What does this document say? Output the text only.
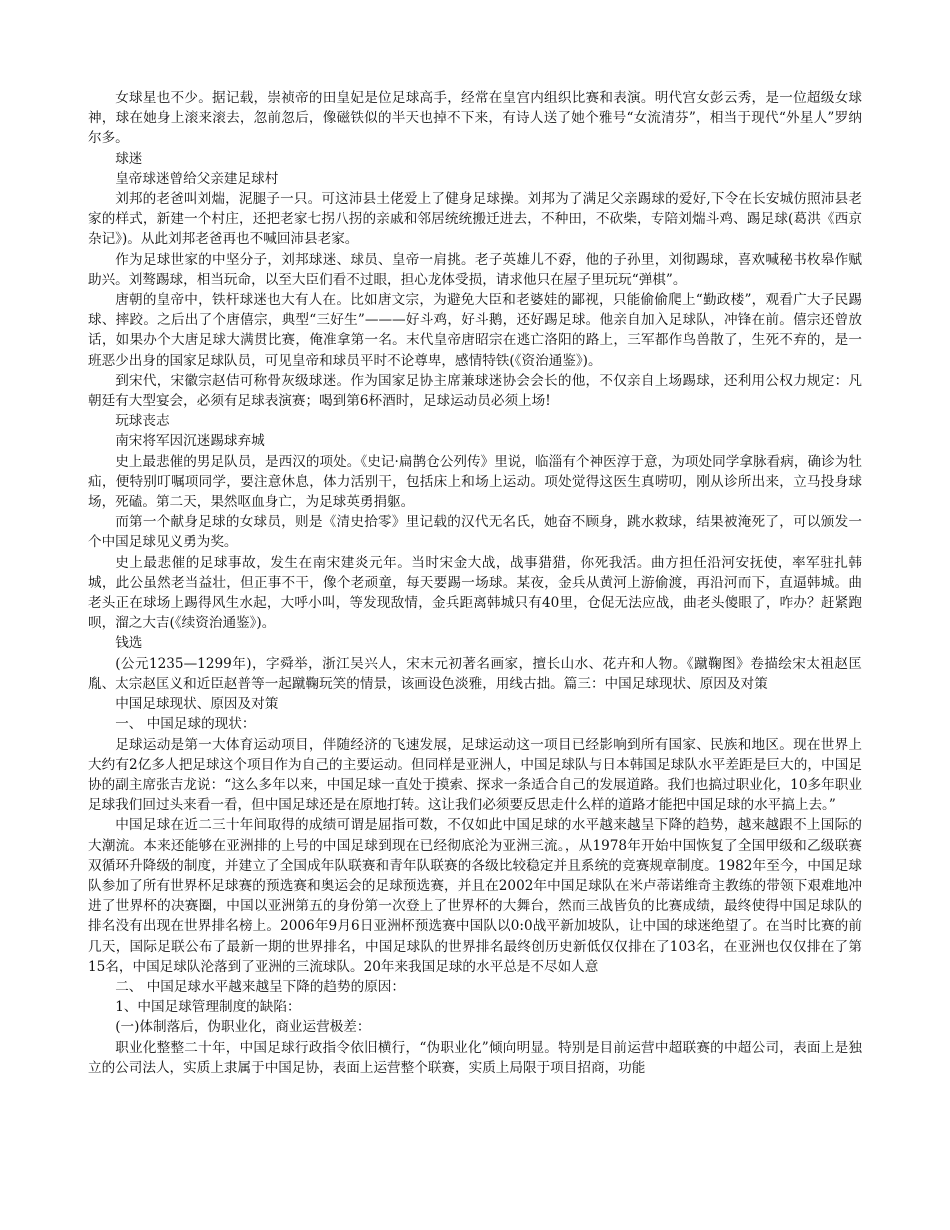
女球星也不少。据记载，崇祯帝的田皇妃是位足球高手，经常在皇宫内组织比赛和表演。明代宫女彭云秀，是一位超级女球神，球在她身上滚来滚去，忽前忽后，像磁铁似的半天也掉不下来，有诗人送了她个雅号“女流清芬”，相当于现代“外星人”罗纳尔多。

球迷

皇帝球迷曾给父亲建足球村

刘邦的老爸叫刘煓，泥腿子一只。可这沛县土佬爱上了健身足球操。刘邦为了满足父亲踢球的爱好,下令在长安城仿照沛县老家的样式，新建一个村庄，还把老家七拐八拐的亲戚和邻居统统搬迁进去，不种田，不砍柴，专陪刘煓斗鸡、踢足球(葛洪《西京杂记》)。从此刘邦老爸再也不喊回沛县老家。

作为足球世家的中坚分子，刘邦球迷、球员、皇帝一肩挑。老子英雄儿不孬，他的子孙里，刘彻踢球，喜欢喊秘书枚皋作赋助兴。刘骜踢球，相当玩命，以至大臣们看不过眼，担心龙体受损，请求他只在屋子里玩玩“弹棋”。

唐朝的皇帝中，铁杆球迷也大有人在。比如唐文宗，为避免大臣和老婆娃的鄙视，只能偷偷爬上“勤政楼”，观看广大子民踢球、摔跤。之后出了个唐僖宗，典型“三好生”———好斗鸡，好斗鹅，还好踢足球。他亲自加入足球队，冲锋在前。僖宗还曾放话，如果办个大唐足球大满贯比赛，俺准拿第一名。末代皇帝唐昭宗在逃亡洛阳的路上，三军都作鸟兽散了，生死不弃的，是一班恶少出身的国家足球队员，可见皇帝和球员平时不论尊卑，感情特铁(《资治通鉴》)。

到宋代，宋徽宗赵佶可称骨灰级球迷。作为国家足协主席兼球迷协会会长的他，不仅亲自上场踢球，还利用公权力规定：凡朝廷有大型宴会，必须有足球表演赛；喝到第6杯酒时，足球运动员必须上场!

玩球丧志

南宋将军因沉迷踢球弃城

史上最悲催的男足队员，是西汉的项处。《史记·扁鹊仓公列传》里说，临淄有个神医淳于意，为项处同学拿脉看病，确诊为牡疝，便特别叮嘱项同学，要注意休息，体力活别干，包括床上和场上运动。项处觉得这医生真唠叨，刚从诊所出来，立马投身球场，死磕。第二天，果然呕血身亡，为足球英勇捐躯。

而第一个献身足球的女球员，则是《清史拾零》里记载的汉代无名氏，她奋不顾身，跳水救球，结果被淹死了，可以颁发一个中国足球见义勇为奖。

史上最悲催的足球事故，发生在南宋建炎元年。当时宋金大战，战事猎猎，你死我活。曲方担任沿河安抚使，率军驻扎韩城，此公虽然老当益壮，但正事不干，像个老顽童，每天要踢一场球。某夜，金兵从黄河上游偷渡，再沿河而下，直逼韩城。曲老头正在球场上踢得风生水起，大呼小叫，等发现敌情，金兵距离韩城只有40里，仓促无法应战，曲老头傻眼了，咋办？赶紧跑呗，溜之大吉(《续资治通鉴》)。

钱选

(公元1235—1299年)，字舜举，浙江吴兴人，宋末元初著名画家，擅长山水、花卉和人物。《蹴鞠图》卷描绘宋太祖赵匡胤、太宗赵匡义和近臣赵普等一起蹴鞠玩笑的情景，该画设色淡雅，用线古拙。篇三：中国足球现状、原因及对策

中国足球现状、原因及对策

一、 中国足球的现状：

足球运动是第一大体育运动项目，伴随经济的飞速发展，足球运动这一项目已经影响到所有国家、民族和地区。现在世界上大约有2亿多人把足球这个项目作为自己的主要运动。但同样是亚洲人，中国足球队与日本韩国足球队水平差距是巨大的，中国足协的副主席张吉龙说：“这么多年以来，中国足球一直处于摸索、探求一条适合自己的发展道路。我们也搞过职业化，10多年职业足球我们回过头来看一看，但中国足球还是在原地打转。这让我们必须要反思走什么样的道路才能把中国足球的水平搞上去。”

中国足球在近二三十年间取得的成绩可谓是屈指可数，不仅如此中国足球的水平越来越呈下降的趋势，越来越跟不上国际的大潮流。本来还能够在亚洲排的上号的中国足球到现在已经彻底沦为亚洲三流。，从1978年开始中国恢复了全国甲级和乙级联赛双循环升降级的制度，并建立了全国成年队联赛和青年队联赛的各级比较稳定并且系统的竞赛规章制度。1982年至今，中国足球队参加了所有世界杯足球赛的预选赛和奥运会的足球预选赛，并且在2002年中国足球队在米卢蒂诺维奇主教练的带领下艰难地冲进了世界杯的决赛圈，中国以亚洲第五的身份第一次登上了世界杯的大舞台，然而三战皆负的比赛成绩，最终使得中国足球队的排名没有出现在世界排名榜上。2006年9月6日亚洲杯预选赛中国队以0:0战平新加坡队，让中国的球迷绝望了。在当时比赛的前几天，国际足联公布了最新一期的世界排名，中国足球队的世界排名最终创历史新低仅仅排在了103名，在亚洲也仅仅排在了第15名，中国足球队沦落到了亚洲的三流球队。20年来我国足球的水平总是不尽如人意

二、 中国足球水平越来越呈下降的趋势的原因：

1、中国足球管理制度的缺陷：

(一)体制落后，伪职业化，商业运营极差：

职业化整整二十年，中国足球行政指令依旧横行，“伪职业化”倾向明显。特别是目前运营中超联赛的中超公司，表面上是独立的公司法人，实质上隶属于中国足协，表面上运营整个联赛，实质上局限于项目招商，功能
